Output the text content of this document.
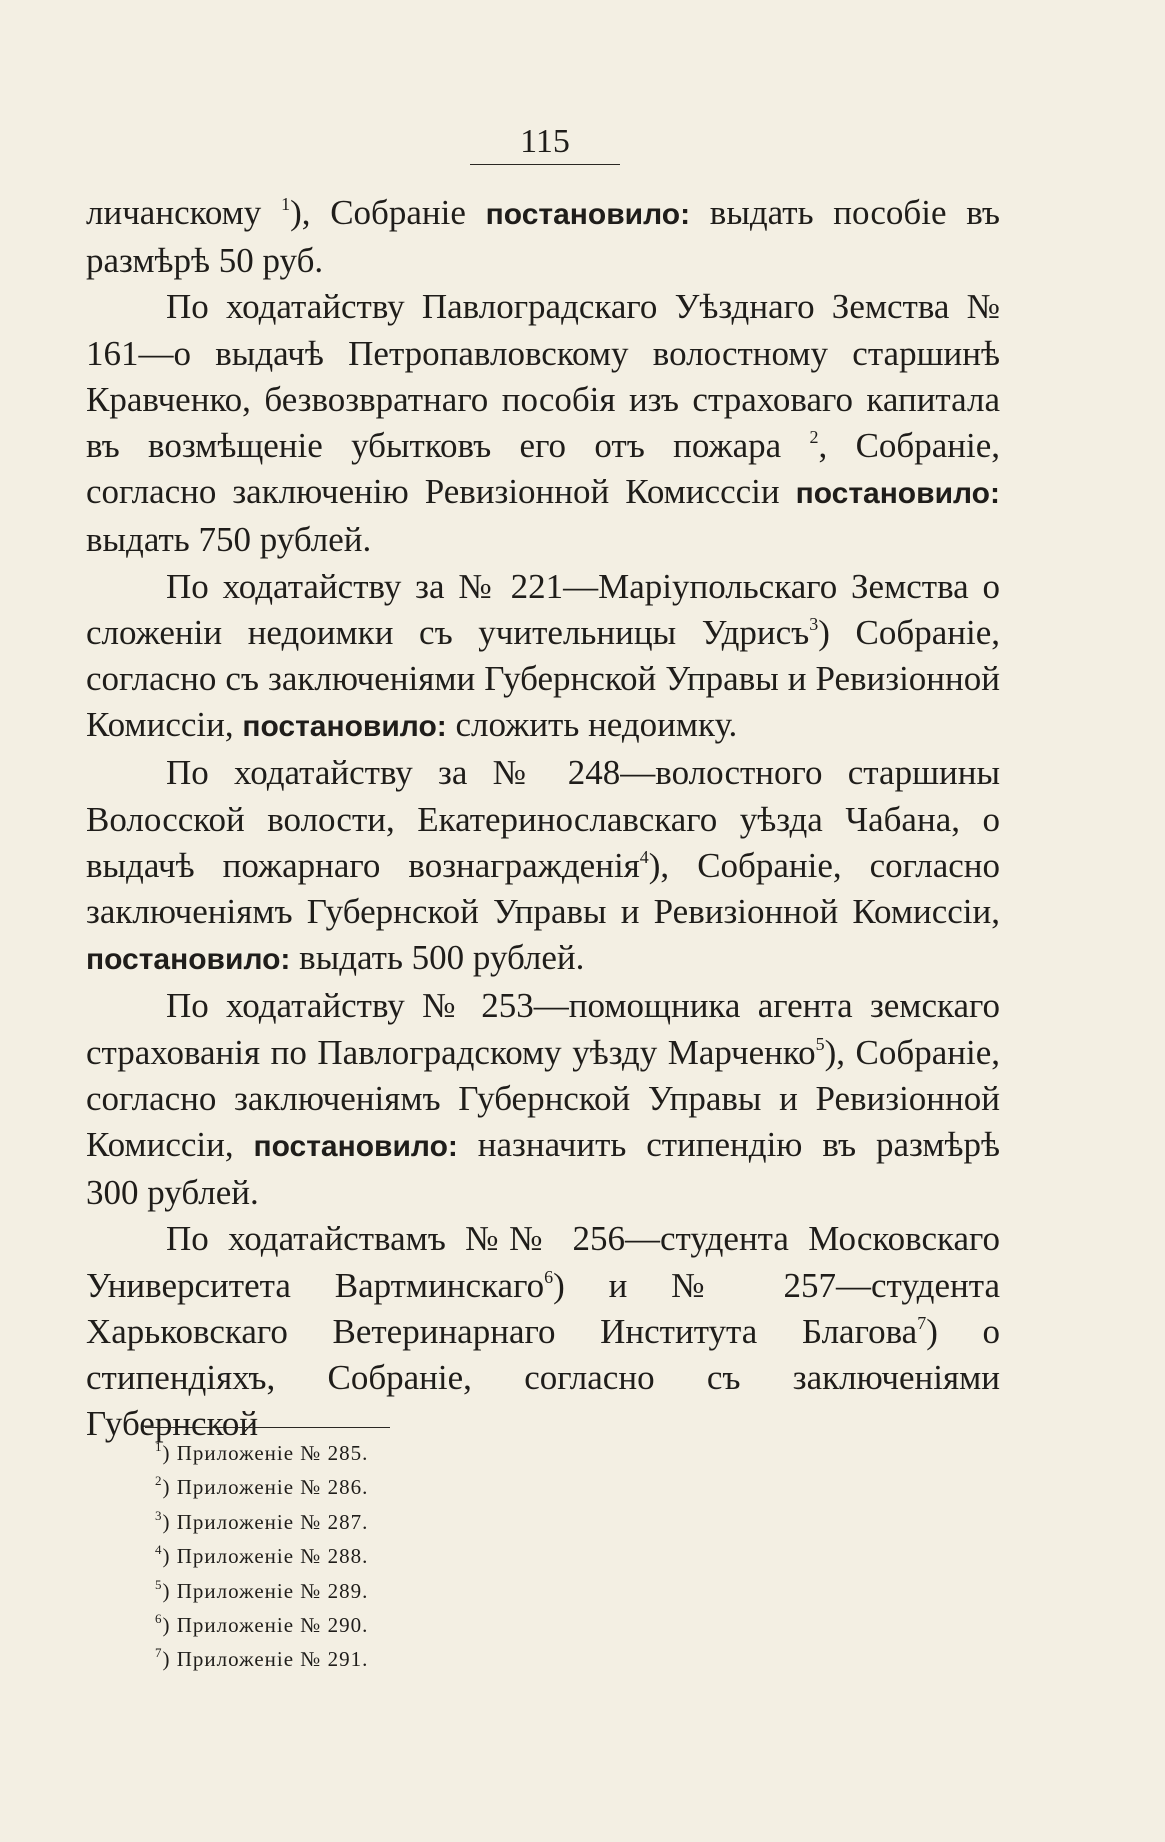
115

личанскому $^1$), Собраніе постановило: выдать пособіе въ размѣрѣ 50 руб.

По ходатайству Павлоградскаго Уѣзднаго Земства № 161—о выдачѣ Петропавловскому волостному старшинѣ Кравченко, безвозвратнаго пособія изъ страховаго капитала въ возмѣщеніе убытковъ его отъ пожара $^2$, Собраніе, согласно заключенію Ревизіонной Комисссіи постановило: выдать 750 рублей.

По ходатайству за № 221—Маріупольскаго Земства о сложеніи недоимки съ учительницы Удрисъ$^3$) Собраніе, согласно съ заключеніями Губернской Управы и Ревизіонной Комиссіи, постановило: сложить недоимку.

По ходатайству за № 248—волостного старшины Волосской волости, Екатеринославскаго уѣзда Чабана, о выдачѣ пожарнаго вознагражденія$^4$), Собраніе, согласно заключеніямъ Губернской Управы и Ревизіонной Комиссіи, постановило: выдать 500 рублей.

По ходатайству № 253—помощника агента земскаго страхованія по Павлоградскому уѣзду Марченко$^5$), Собраніе, согласно заключеніямъ Губернской Управы и Ревизіонной Комиссіи, постановило: назначить стипендію въ размѣрѣ 300 рублей.

По ходатайствамъ №№ 256—студента Московскаго Университета Вартминскаго$^6$) и № 257—студента Харьковскаго Ветеринарнаго Института Благова$^7$) о стипендіяхъ, Собраніе, согласно съ заключеніями Губернской

$^1$) Приложеніе № 285.
$^2$) Приложеніе № 286.
$^3$) Приложеніе № 287.
$^4$) Приложеніе № 288.
$^5$) Приложеніе № 289.
$^6$) Приложеніе № 290.
$^7$) Приложеніе № 291.
